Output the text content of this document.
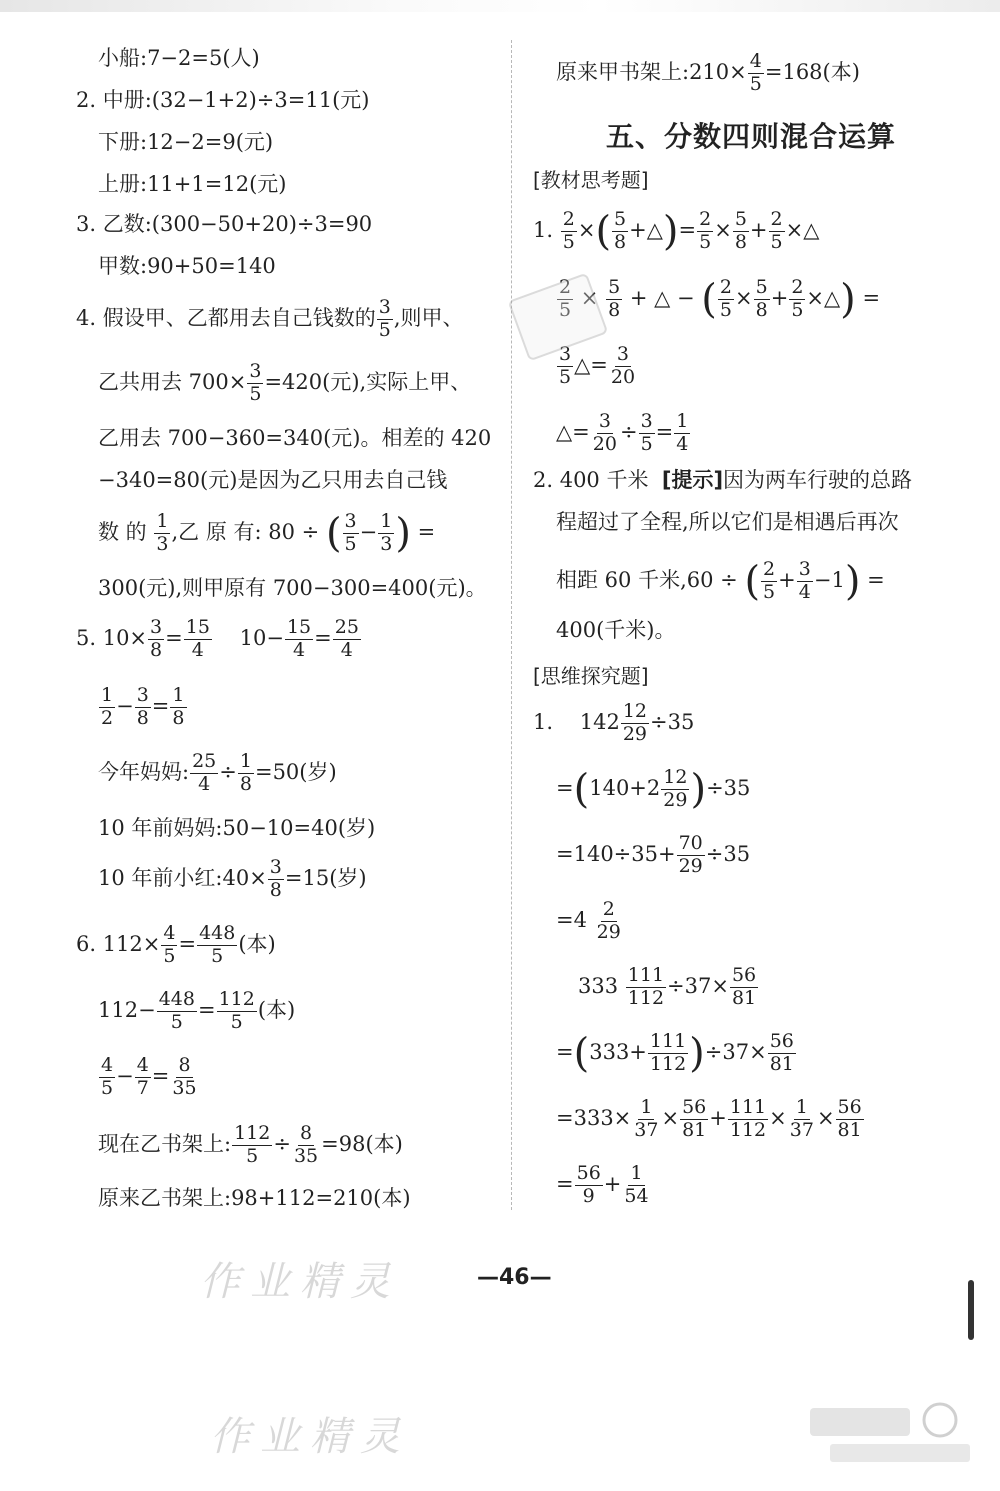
小船:7−2=5(人)
2. 中册:(32−1+2)÷3=11(元)
下册:12−2=9(元)
上册:11+1=12(元)
3. 乙数:(300−50+20)÷3=90
甲数:90+50=140
4. 假设甲、乙都用去自己钱数的 $\frac{3}{5}$ ,则甲、
乙共用去 $700\times \frac{3}{5} =420$(元),实际上甲、
乙用去 700−360=340(元)。相差的 420
−340=80(元)是因为乙只用去自己钱
数 的 $\frac{1}{3}$ ,乙 原 有: 80 ÷ ( $\frac{3}{5} - \frac{1}{3}$ ) =
300(元),则甲原有 700−300=400(元)。
5. $10\times \frac{3}{8} = \frac{15}{4} 10- \frac{15}{4} = \frac{25}{4}$
$\frac{1}{2} - \frac{3}{8} = \frac{1}{8}$
今年妈妈: $\frac{25}{4} \div \frac{1}{8} =50$(岁)
10 年前妈妈:50−10=40(岁)
10 年前小红:40× $\frac{3}{8} =15$(岁)
6. $112\times \frac{4}{5} = \frac{448}{5}$ (本)
$112- \frac{448}{5} = \frac{112}{5}$ (本)
$\frac{4}{5} - \frac{4}{7} = \frac{8}{35}$
现在乙书架上: $\frac{112}{5} \div \frac{8}{35} =98$(本)
原来乙书架上:98+112=210(本)
原来甲书架上:210× $\frac{4}{5} =168$(本)
五、分数四则混合运算
[教材思考题]
1. $\frac{2}{5}$ ×( $\frac{5}{8}$ +△)= $\frac{2}{5} \times \frac{5}{8} + \frac{2}{5}$ ×△
$\frac{2}{5} \times \frac{5}{8}$ + △ − ( $\frac{2}{5} \times \frac{5}{8} + \frac{2}{5}$ ×△) =
$\frac{3}{5}$ △= $\frac{3}{20}$
△= $\frac{3}{20} \div \frac{3}{5} = \frac{1}{4}$
2. 400 千米 [提示]因为两车行驶的总路
程超过了全程,所以它们是相遇后再次
相距 60 千米,60 ÷ ( $\frac{2}{5} + \frac{3}{4} -1$) =
400(千米)。
[思维探究题]
1. $142 \frac{12}{29} \div 35$
$=(140+2 \frac{12}{29} )\div 35$
$=140\div 35+ \frac{70}{29} \div 35$
$=4 \frac{2}{29}$
$333 \frac{111}{112} \div 37\times \frac{56}{81}$
$=(333+ \frac{111}{112} )\div 37\times \frac{56}{81}$
$=333\times \frac{1}{37} \times \frac{56}{81} + \frac{111}{112} \times \frac{1}{37} \times \frac{56}{81}$
= $\frac{56}{9} + \frac{1}{54}$
—46—
作业精灵
作业精灵
